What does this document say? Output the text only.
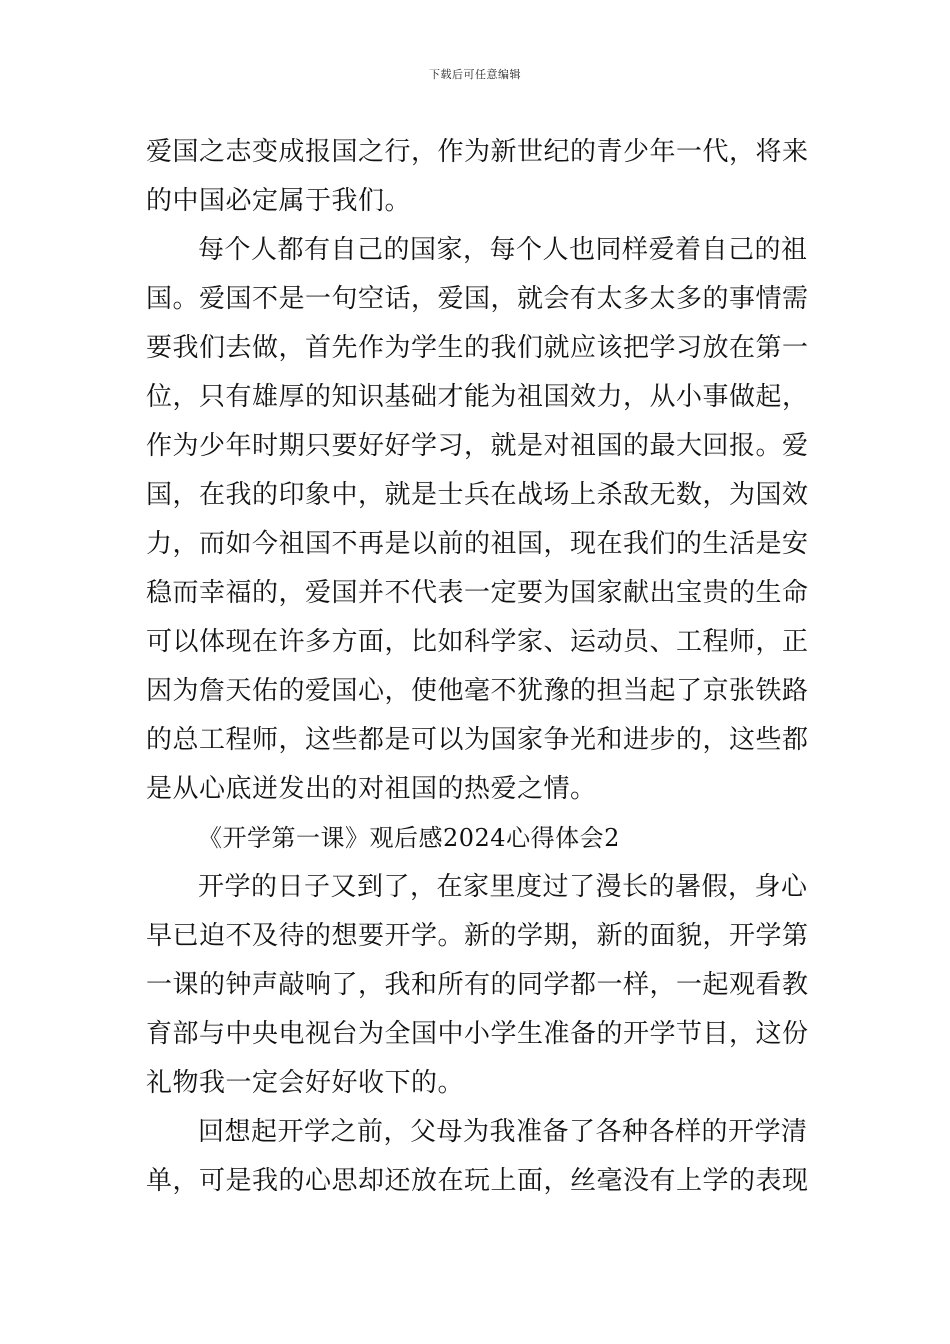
下载后可任意编辑
爱国之志变成报国之行，作为新世纪的青少年一代，将来
的中国必定属于我们。
每个人都有自己的国家，每个人也同样爱着自己的祖
国。爱国不是一句空话，爱国，就会有太多太多的事情需
要我们去做，首先作为学生的我们就应该把学习放在第一
位，只有雄厚的知识基础才能为祖国效力，从小事做起，
作为少年时期只要好好学习，就是对祖国的最大回报。爱
国，在我的印象中，就是士兵在战场上杀敌无数，为国效
力，而如今祖国不再是以前的祖国，现在我们的生活是安
稳而幸福的，爱国并不代表一定要为国家献出宝贵的生命
可以体现在许多方面，比如科学家、运动员、工程师，正
因为詹天佑的爱国心，使他毫不犹豫的担当起了京张铁路
的总工程师，这些都是可以为国家争光和进步的，这些都
是从心底迸发出的对祖国的热爱之情。
《开学第一课》观后感2024心得体会2
开学的日子又到了，在家里度过了漫长的暑假，身心
早已迫不及待的想要开学。新的学期，新的面貌，开学第
一课的钟声敲响了，我和所有的同学都一样，一起观看教
育部与中央电视台为全国中小学生准备的开学节目，这份
礼物我一定会好好收下的。
回想起开学之前，父母为我准备了各种各样的开学清
单，可是我的心思却还放在玩上面，丝毫没有上学的表现
